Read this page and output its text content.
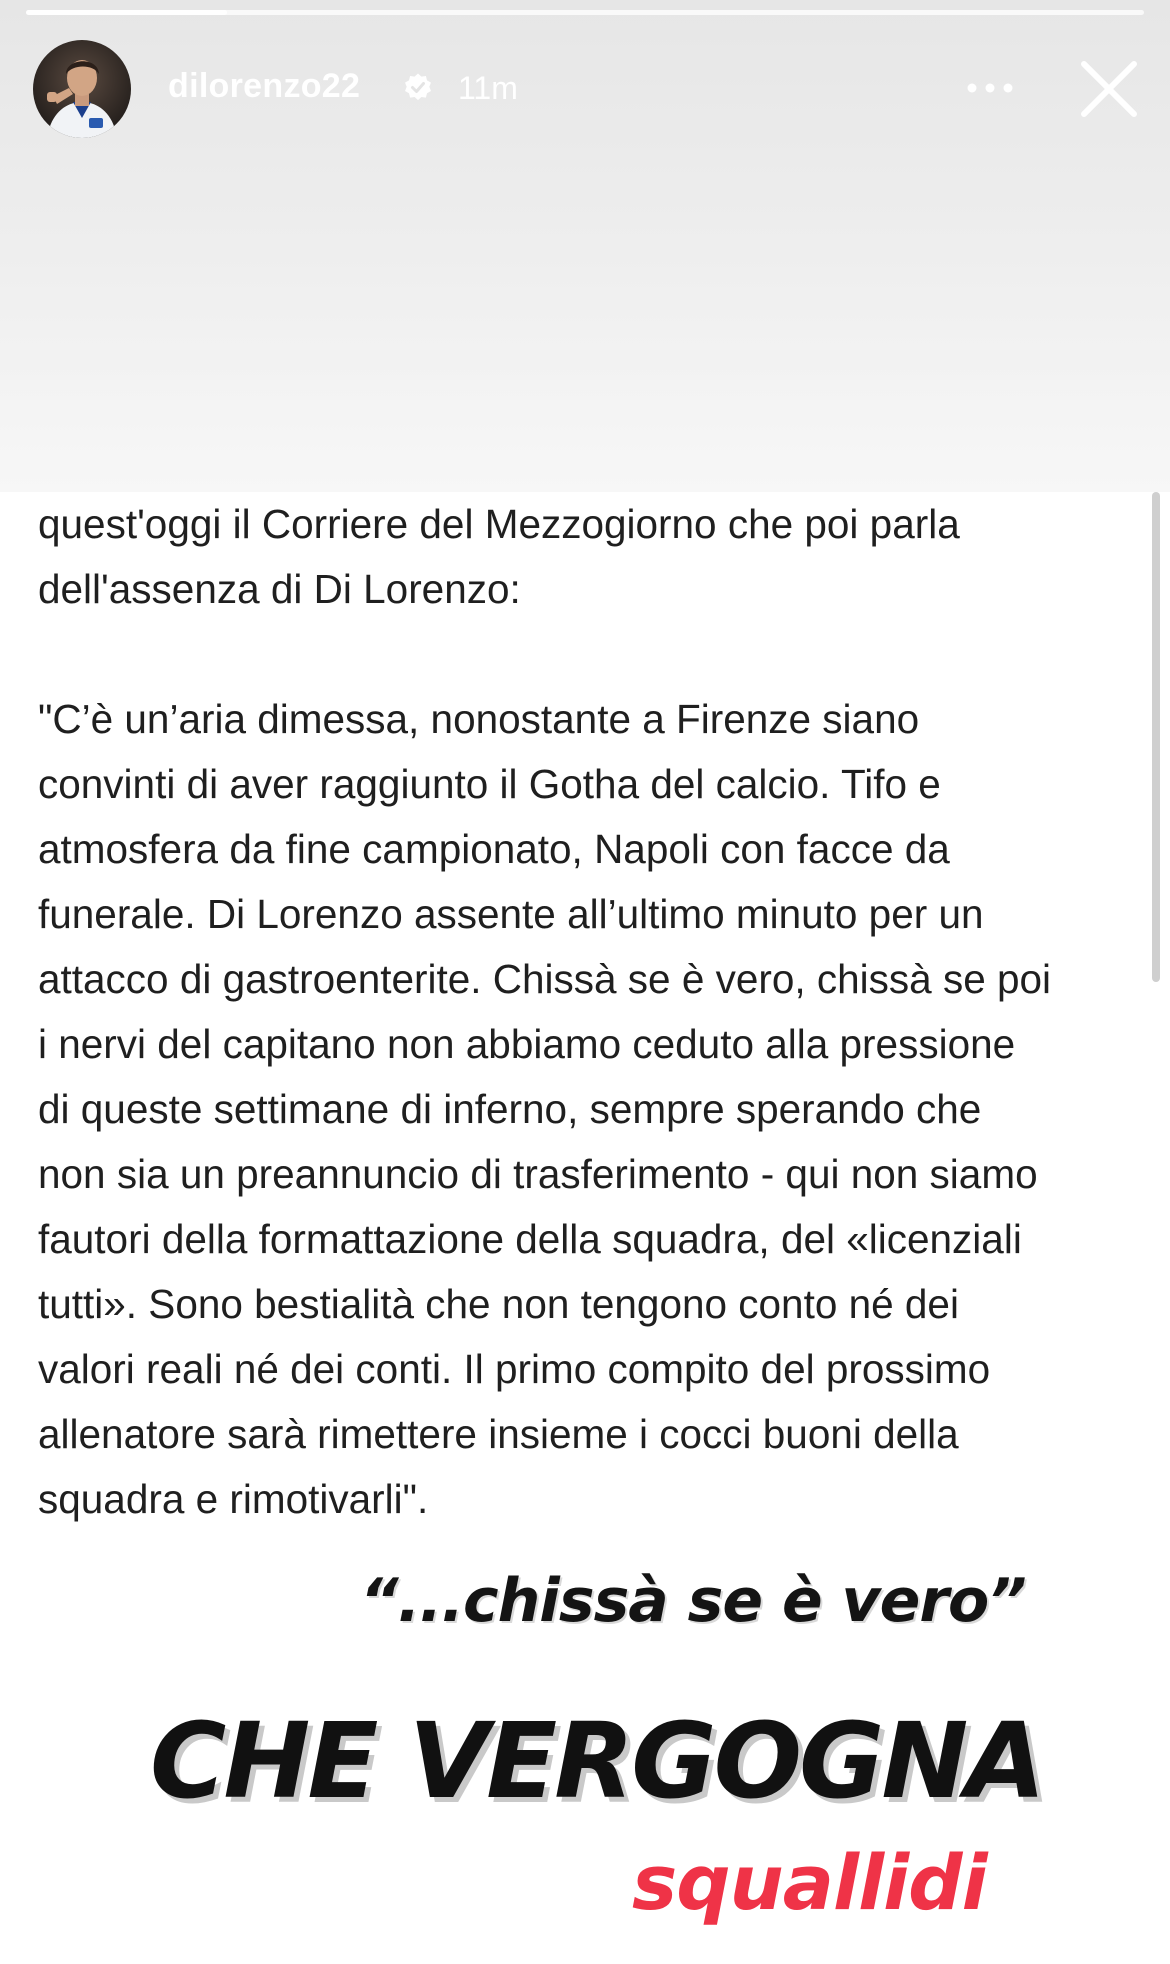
dilorenzo22	11m
quest'oggi il Corriere del Mezzogiorno che poi parla
dell'assenza di Di Lorenzo:
"C’è un’aria dimessa, nonostante a Firenze siano
convinti di aver raggiunto il Gotha del calcio. Tifo e
atmosfera da fine campionato, Napoli con facce da
funerale. Di Lorenzo assente all’ultimo minuto per un
attacco di gastroenterite. Chissà se è vero, chissà se poi
i nervi del capitano non abbiamo ceduto alla pressione
di queste settimane di inferno, sempre sperando che
non sia un preannuncio di trasferimento - qui non siamo
fautori della formattazione della squadra, del «licenziali
tutti». Sono bestialità che non tengono conto né dei
valori reali né dei conti. Il primo compito del prossimo
allenatore sarà rimettere insieme i cocci buoni della
squadra e rimotivarli".
“...chissà se è vero”
CHE VERGOGNA
squallidi
